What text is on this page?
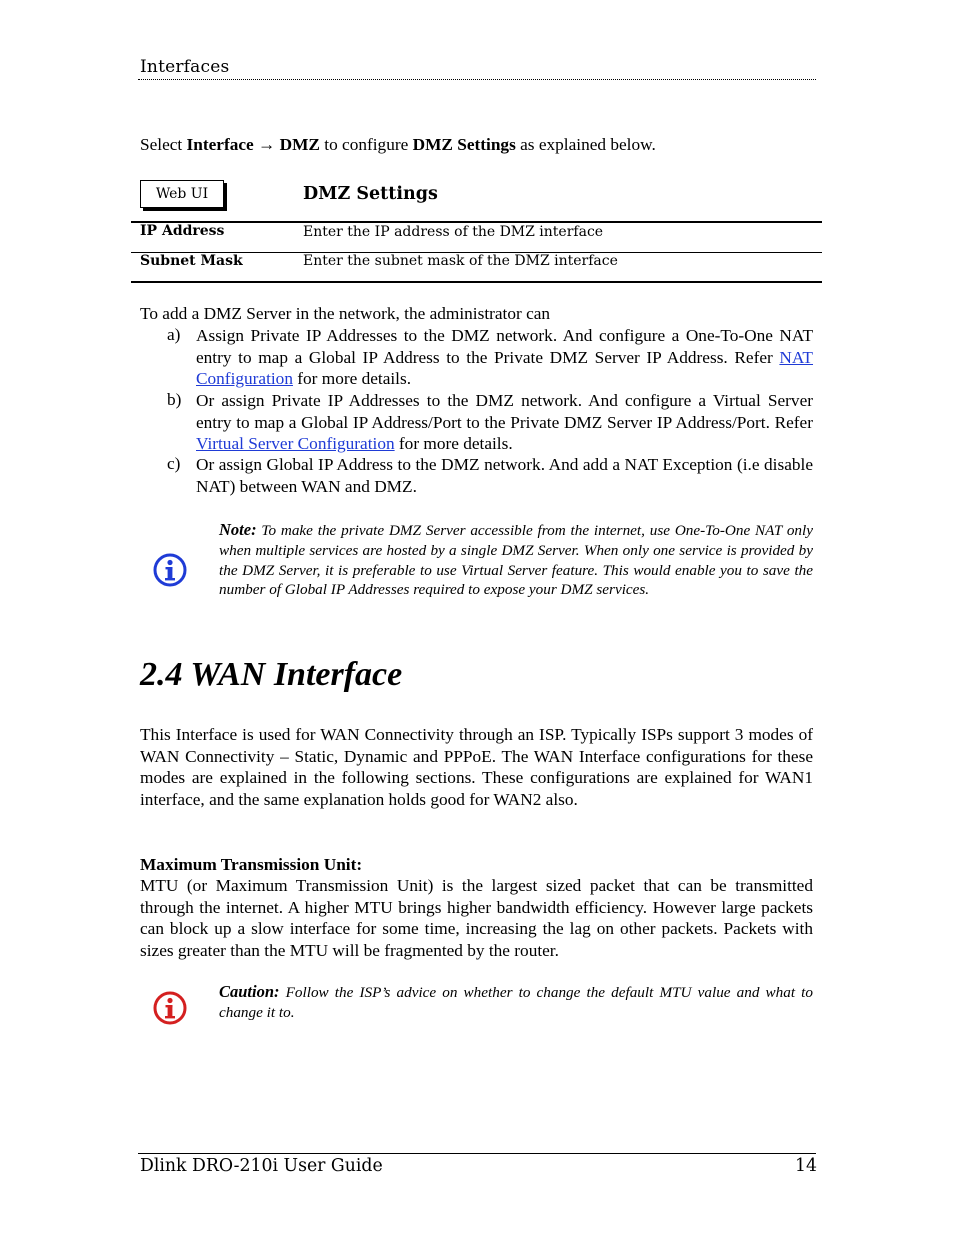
Interfaces
Select Interface → DMZ to configure DMZ Settings as explained below.
Web UI	DMZ Settings
IP Address	Enter the IP address of the DMZ interface
Subnet Mask	Enter the subnet mask of the DMZ interface
To add a DMZ Server in the network, the administrator can
a) Assign Private IP Addresses to the DMZ network. And configure a One-To-One NAT entry to map a Global IP Address to the Private DMZ Server IP Address. Refer NAT Configuration for more details.
b) Or assign Private IP Addresses to the DMZ network. And configure a Virtual Server entry to map a Global IP Address/Port to the Private DMZ Server IP Address/Port. Refer Virtual Server Configuration for more details.
c) Or assign Global IP Address to the DMZ network. And add a NAT Exception (i.e disable NAT) between WAN and DMZ.
Note: To make the private DMZ Server accessible from the internet, use One-To-One NAT only when multiple services are hosted by a single DMZ Server. When only one service is provided by the DMZ Server, it is preferable to use Virtual Server feature. This would enable you to save the number of Global IP Addresses required to expose your DMZ services.
2.4 WAN Interface
This Interface is used for WAN Connectivity through an ISP. Typically ISPs support 3 modes of WAN Connectivity – Static, Dynamic and PPPoE. The WAN Interface configurations for these modes are explained in the following sections. These configurations are explained for WAN1 interface, and the same explanation holds good for WAN2 also.
Maximum Transmission Unit:
MTU (or Maximum Transmission Unit) is the largest sized packet that can be transmitted through the internet. A higher MTU brings higher bandwidth efficiency. However large packets can block up a slow interface for some time, increasing the lag on other packets. Packets with sizes greater than the MTU will be fragmented by the router.
Caution: Follow the ISP’s advice on whether to change the default MTU value and what to change it to.
Dlink DRO-210i User Guide	14
